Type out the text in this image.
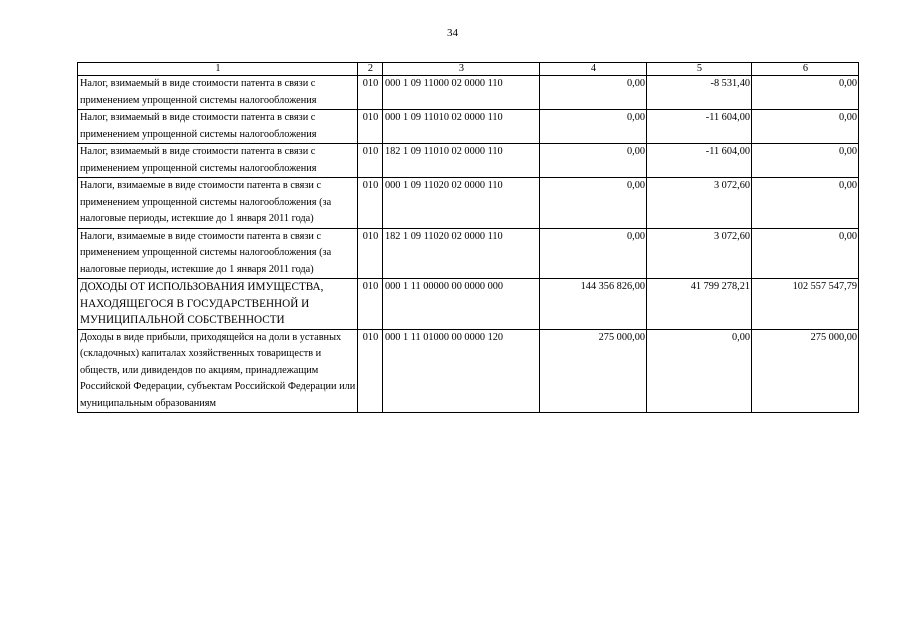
34
1	2	3	4	5	6
Налог, взимаемый в виде стоимости патента в связи с применением упрощенной системы налогообложения	010	000 1 09 11000 02 0000 110	0,00	-8 531,40	0,00
Налог, взимаемый в виде стоимости патента в связи с применением упрощенной системы налогообложения	010	000 1 09 11010 02 0000 110	0,00	-11 604,00	0,00
Налог, взимаемый в виде стоимости патента в связи с применением упрощенной системы налогообложения	010	182 1 09 11010 02 0000 110	0,00	-11 604,00	0,00
Налоги, взимаемые в виде стоимости патента в связи с применением упрощенной системы налогообложения (за налоговые периоды, истекшие до 1 января 2011 года)	010	000 1 09 11020 02 0000 110	0,00	3 072,60	0,00
Налоги, взимаемые в виде стоимости патента в связи с применением упрощенной системы налогообложения (за налоговые периоды, истекшие до 1 января 2011 года)	010	182 1 09 11020 02 0000 110	0,00	3 072,60	0,00
ДОХОДЫ ОТ ИСПОЛЬЗОВАНИЯ ИМУЩЕСТВА, НАХОДЯЩЕГОСЯ В ГОСУДАРСТВЕННОЙ И МУНИЦИПАЛЬНОЙ СОБСТВЕННОСТИ	010	000 1 11 00000 00 0000 000	144 356 826,00	41 799 278,21	102 557 547,79
Доходы в виде прибыли, приходящейся на доли в уставных (складочных) капиталах хозяйственных товариществ и обществ, или дивидендов по акциям, принадлежащим Российской Федерации, субъектам Российской Федерации или муниципальным образованиям	010	000 1 11 01000 00 0000 120	275 000,00	0,00	275 000,00
